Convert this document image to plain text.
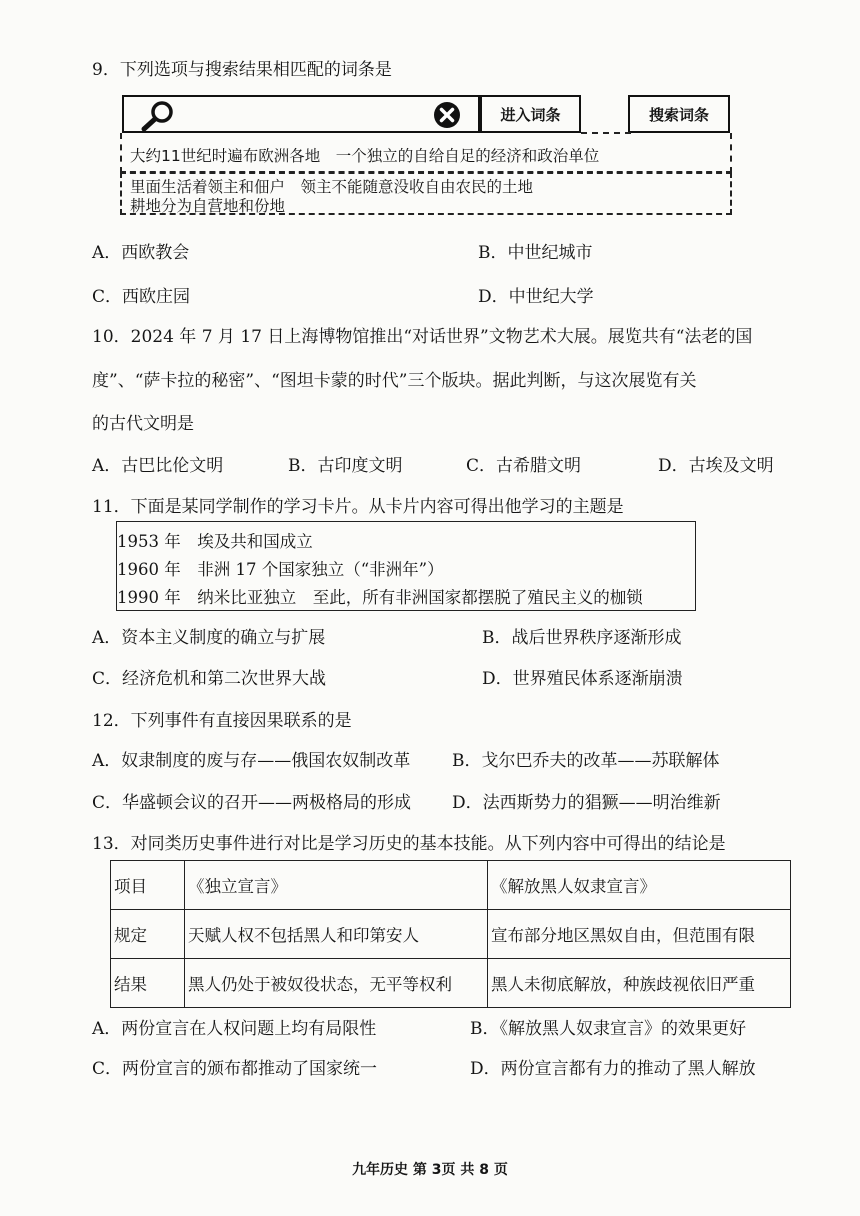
9．下列选项与搜索结果相匹配的词条是
进入词条	搜索词条
大约11世纪时遍布欧洲各地　一个独立的自给自足的经济和政治单位
里面生活着领主和佃户　领主不能随意没收自由农民的土地
耕地分为自营地和份地
A．西欧教会	B．中世纪城市
C．西欧庄园	D．中世纪大学
10．2024 年 7 月 17 日上海博物馆推出“对话世界”文物艺术大展。展览共有“法老的国
度”、“萨卡拉的秘密”、“图坦卡蒙的时代”三个版块。据此判断，与这次展览有关
的古代文明是
A．古巴比伦文明	B．古印度文明	C．古希腊文明	D．古埃及文明
11．下面是某同学制作的学习卡片。从卡片内容可得出他学习的主题是
1953 年　埃及共和国成立
1960 年　非洲 17 个国家独立（“非洲年”）
1990 年　纳米比亚独立　至此，所有非洲国家都摆脱了殖民主义的枷锁
A．资本主义制度的确立与扩展	B．战后世界秩序逐渐形成
C．经济危机和第二次世界大战	D．世界殖民体系逐渐崩溃
12．下列事件有直接因果联系的是
A．奴隶制度的废与存——俄国农奴制改革 B．戈尔巴乔夫的改革——苏联解体
C．华盛顿会议的召开——两极格局的形成 D．法西斯势力的猖獗——明治维新
13．对同类历史事件进行对比是学习历史的基本技能。从下列内容中可得出的结论是
项目	《独立宣言》	《解放黑人奴隶宣言》
规定	天赋人权不包括黑人和印第安人	宣布部分地区黑奴自由，但范围有限
结果	黑人仍处于被奴役状态，无平等权利	黑人未彻底解放，种族歧视依旧严重
A．两份宣言在人权问题上均有局限性	B．《解放黑人奴隶宣言》的效果更好
C．两份宣言的颁布都推动了国家统一	D．两份宣言都有力的推动了黑人解放
九年历史 第 3页 共 8 页
